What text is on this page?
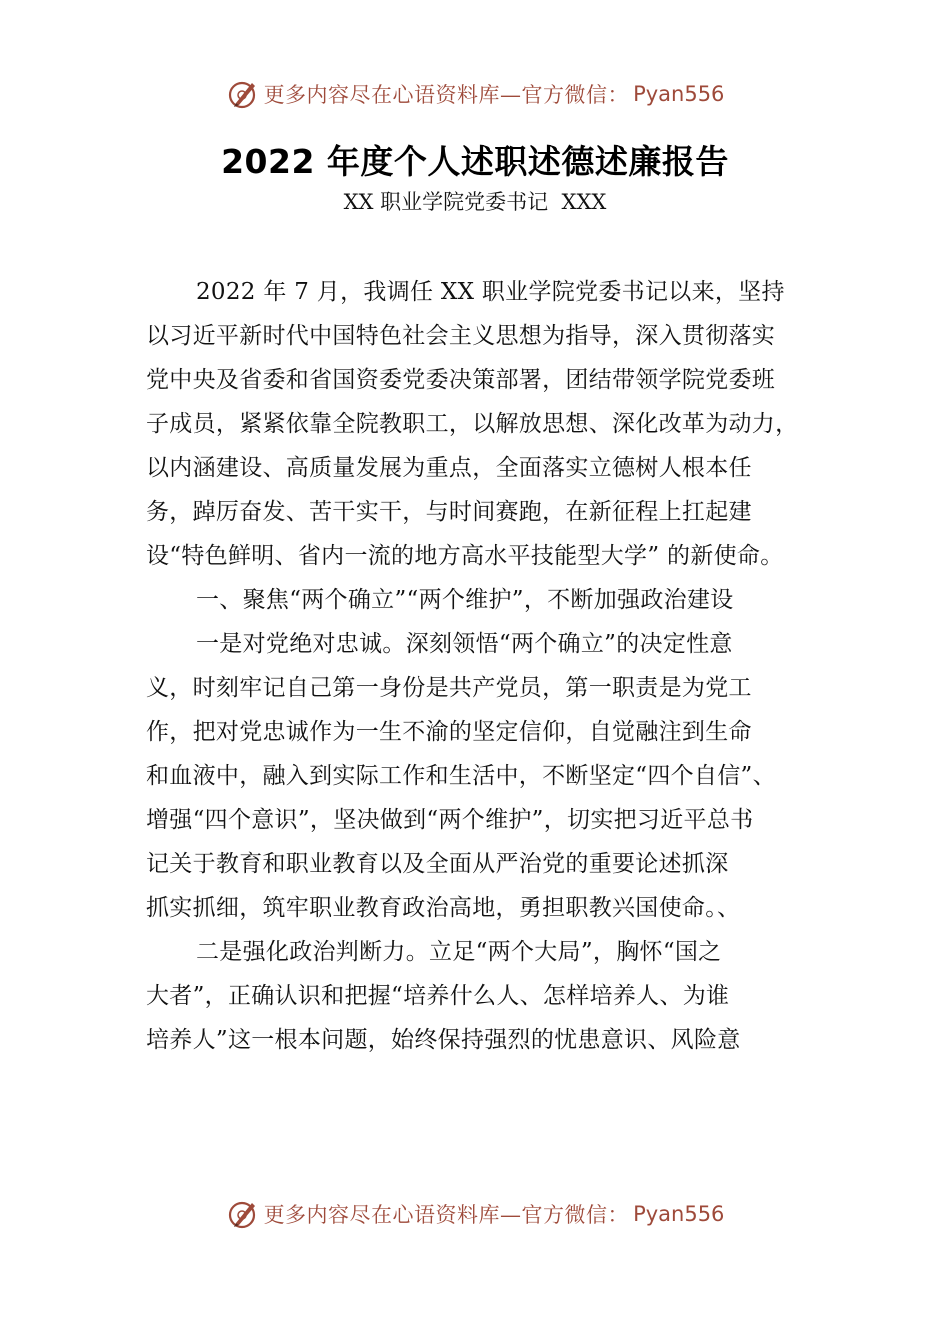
更多内容尽在心语资料库—官方微信： Pyan556
2022 年度个人述职述德述廉报告
XX 职业学院党委书记  XXX
2022 年 7 月，我调任 XX 职业学院党委书记以来，坚持
以习近平新时代中国特色社会主义思想为指导，深入贯彻落实
党中央及省委和省国资委党委决策部署，团结带领学院党委班
子成员，紧紧依靠全院教职工，以解放思想、深化改革为动力，
以内涵建设、高质量发展为重点，全面落实立德树人根本任
务，踔厉奋发、苦干实干，与时间赛跑，在新征程上扛起建
设“特色鲜明、省内一流的地方高水平技能型大学” 的新使命。
一、聚焦“两个确立”“两个维护”，不断加强政治建设
一是对党绝对忠诚。深刻领悟“两个确立”的决定性意
义，时刻牢记自己第一身份是共产党员，第一职责是为党工
作，把对党忠诚作为一生不渝的坚定信仰，自觉融注到生命
和血液中，融入到实际工作和生活中，不断坚定“四个自信”、
增强“四个意识”，坚决做到“两个维护”，切实把习近平总书
记关于教育和职业教育以及全面从严治党的重要论述抓深
抓实抓细，筑牢职业教育政治高地，勇担职教兴国使命。、
二是强化政治判断力。立足“两个大局”，胸怀“国之
大者”，正确认识和把握“培养什么人、怎样培养人、为谁
培养人”这一根本问题，始终保持强烈的忧患意识、风险意
更多内容尽在心语资料库—官方微信： Pyan556
